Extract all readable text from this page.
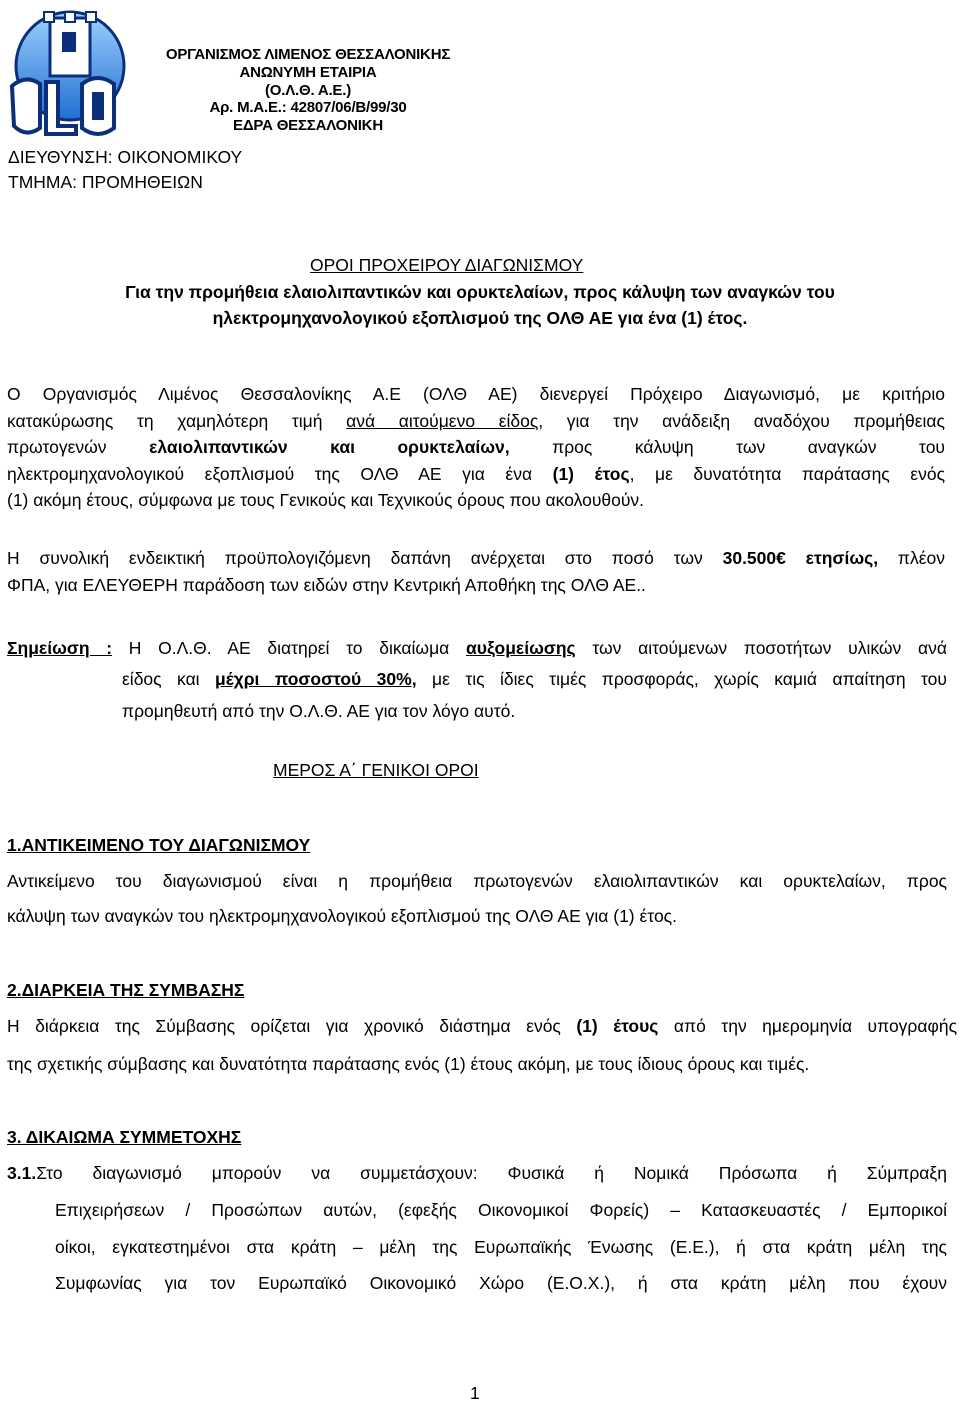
ΟΡΓΑΝΙΣΜΟΣ ΛΙΜΕΝΟΣ ΘΕΣΣΑΛΟΝΙΚΗΣ
ΑΝΩΝΥΜΗ ΕΤΑΙΡΙΑ
(Ο.Λ.Θ. Α.Ε.)
Αρ. Μ.Α.Ε.: 42807/06/Β/99/30
ΕΔΡΑ ΘΕΣΣΑΛΟΝΙΚΗ
ΔΙΕΥΘΥΝΣΗ: ΟΙΚΟΝΟΜΙΚΟΥ
ΤΜΗΜΑ: ΠΡΟΜΗΘΕΙΩΝ
ΟΡΟΙ ΠΡΟΧΕΙΡΟΥ ΔΙΑΓΩΝΙΣΜΟΥ
Για την προμήθεια ελαιολιπαντικών και ορυκτελαίων, προς κάλυψη των αναγκών του
ηλεκτρομηχανολογικού εξοπλισμού της ΟΛΘ ΑΕ για ένα (1) έτος.
Ο Οργανισμός Λιμένος Θεσσαλονίκης Α.Ε (ΟΛΘ ΑΕ) διενεργεί Πρόχειρο Διαγωνισμό, με κριτήριο
κατακύρωσης τη χαμηλότερη τιμή ανά αιτούμενο είδος, για την ανάδειξη αναδόχου προμήθειας
πρωτογενών ελαιολιπαντικών και ορυκτελαίων, προς κάλυψη των αναγκών του
ηλεκτρομηχανολογικού εξοπλισμού της ΟΛΘ ΑΕ για ένα (1) έτος, με δυνατότητα παράτασης ενός
(1) ακόμη έτους, σύμφωνα με τους Γενικούς και Τεχνικούς όρους που ακολουθούν.
Η συνολική ενδεικτική προϋπολογιζόμενη δαπάνη ανέρχεται στο ποσό των 30.500€ ετησίως, πλέον
ΦΠΑ, για ΕΛΕΥΘΕΡΗ παράδοση των ειδών στην Κεντρική Αποθήκη της ΟΛΘ ΑΕ..
Σημείωση : Η Ο.Λ.Θ. ΑΕ διατηρεί το δικαίωμα αυξομείωσης των αιτούμενων ποσοτήτων υλικών ανά
είδος και μέχρι ποσοστού 30%, με τις ίδιες τιμές προσφοράς, χωρίς καμιά απαίτηση του
προμηθευτή από την Ο.Λ.Θ. ΑΕ για τον λόγο αυτό.
ΜΕΡΟΣ Α΄ ΓΕΝΙΚΟΙ ΟΡΟΙ
1.ΑΝΤΙΚΕΙΜΕΝΟ ΤΟΥ ΔΙΑΓΩΝΙΣΜΟΥ
Αντικείμενο του διαγωνισμού είναι η προμήθεια πρωτογενών ελαιολιπαντικών και ορυκτελαίων, προς
κάλυψη των αναγκών του ηλεκτρομηχανολογικού εξοπλισμού της ΟΛΘ ΑΕ για (1) έτος.
2.ΔΙΑΡΚΕΙΑ ΤΗΣ ΣΥΜΒΑΣΗΣ
Η διάρκεια της Σύμβασης ορίζεται για χρονικό διάστημα ενός (1) έτους από την ημερομηνία υπογραφής
της σχετικής σύμβασης και δυνατότητα παράτασης ενός (1) έτους ακόμη, με τους ίδιους όρους και τιμές.
3. ΔΙΚΑΙΩΜΑ ΣΥΜΜΕΤΟΧΗΣ
3.1.Στο διαγωνισμό μπορούν να συμμετάσχουν: Φυσικά ή Νομικά Πρόσωπα ή Σύμπραξη
Επιχειρήσεων / Προσώπων αυτών, (εφεξής Οικονομικοί Φορείς) – Κατασκευαστές / Εμπορικοί
οίκοι, εγκατεστημένοι στα κράτη – μέλη της Ευρωπαϊκής Ένωσης (Ε.Ε.), ή στα κράτη μέλη της
Συμφωνίας για τον Ευρωπαϊκό Οικονομικό Χώρο (Ε.Ο.Χ.), ή στα κράτη μέλη που έχουν
1
